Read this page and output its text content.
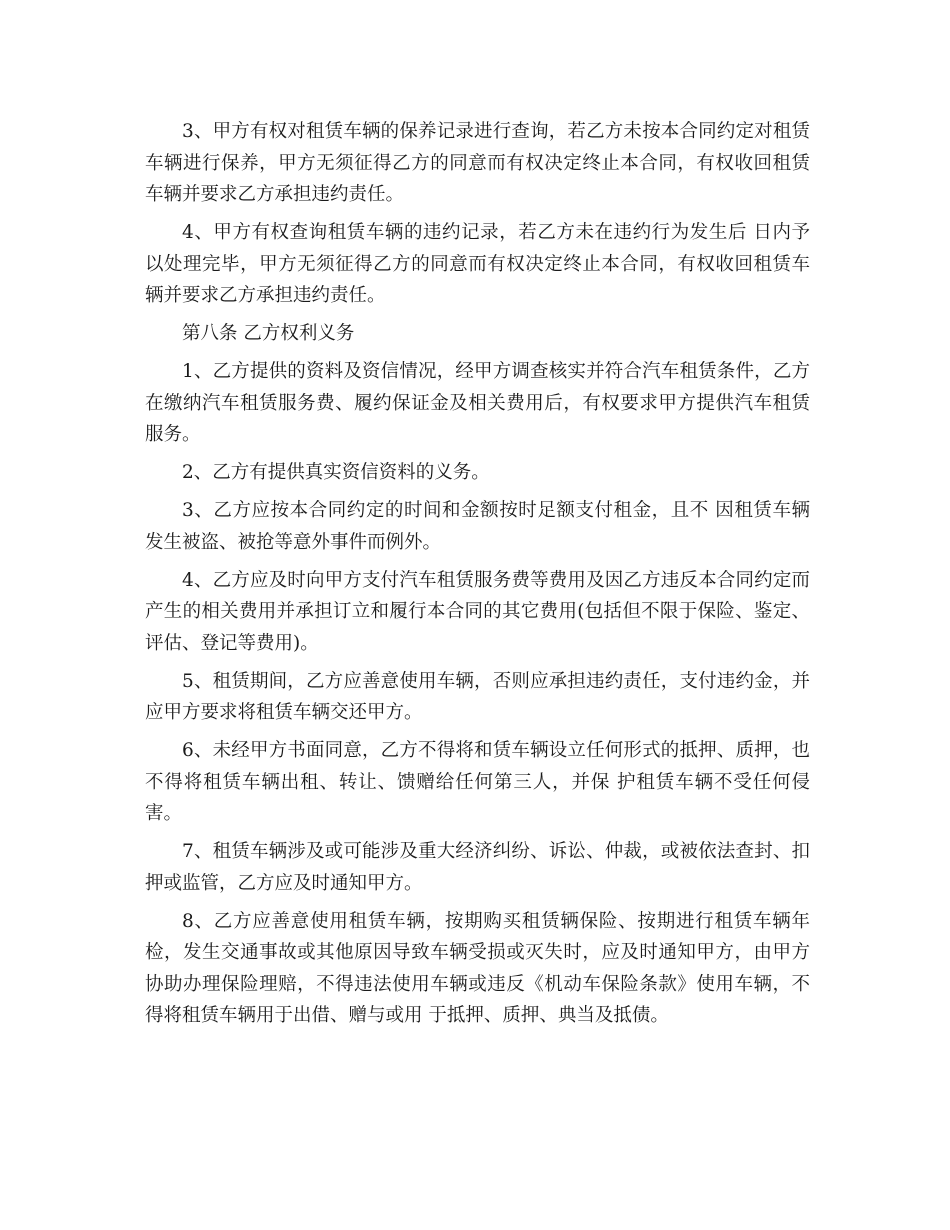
3、甲方有权对租赁车辆的保养记录进行查询，若乙方未按本合同约定对租赁车辆进行保养，甲方无须征得乙方的同意而有权决定终止本合同，有权收回租赁车辆并要求乙方承担违约责任。

4、甲方有权查询租赁车辆的违约记录，若乙方未在违约行为发生后 日内予以处理完毕，甲方无须征得乙方的同意而有权决定终止本合同，有权收回租赁车辆并要求乙方承担违约责任。

第八条 乙方权利义务

1、乙方提供的资料及资信情况，经甲方调查核实并符合汽车租赁条件，乙方在缴纳汽车租赁服务费、履约保证金及相关费用后，有权要求甲方提供汽车租赁服务。

2、乙方有提供真实资信资料的义务。

3、乙方应按本合同约定的时间和金额按时足额支付租金，且不 因租赁车辆发生被盗、被抢等意外事件而例外。

4、乙方应及时向甲方支付汽车租赁服务费等费用及因乙方违反本合同约定而产生的相关费用并承担订立和履行本合同的其它费用(包括但不限于保险、鉴定、评估、登记等费用)。

5、租赁期间，乙方应善意使用车辆，否则应承担违约责任，支付违约金，并应甲方要求将租赁车辆交还甲方。

6、未经甲方书面同意，乙方不得将和赁车辆设立任何形式的抵押、质押，也不得将租赁车辆出租、转让、馈赠给任何第三人，并保 护租赁车辆不受任何侵害。

7、租赁车辆涉及或可能涉及重大经济纠纷、诉讼、仲裁，或被依法查封、扣押或监管，乙方应及时通知甲方。

8、乙方应善意使用租赁车辆，按期购买租赁辆保险、按期进行租赁车辆年检，发生交通事故或其他原因导致车辆受损或灭失时，应及时通知甲方，由甲方协助办理保险理赔，不得违法使用车辆或违反《机动车保险条款》使用车辆，不得将租赁车辆用于出借、赠与或用 于抵押、质押、典当及抵债。
